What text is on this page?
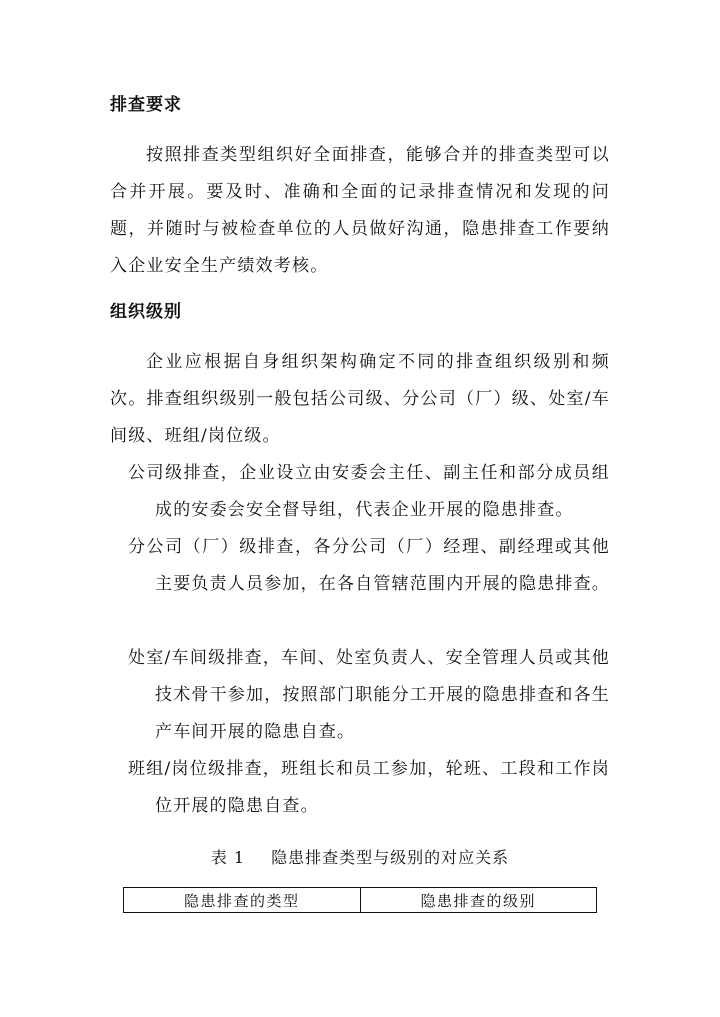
排查要求

按照排查类型组织好全面排查，能够合并的排查类型可以合并开展。要及时、准确和全面的记录排查情况和发现的问题，并随时与被检查单位的人员做好沟通，隐患排查工作要纳入企业安全生产绩效考核。

组织级别

企业应根据自身组织架构确定不同的排查组织级别和频次。排查组织级别一般包括公司级、分公司（厂）级、处室/车间级、班组/岗位级。

公司级排查，企业设立由安委会主任、副主任和部分成员组成的安委会安全督导组，代表企业开展的隐患排查。

分公司（厂）级排查，各分公司（厂）经理、副经理或其他主要负责人员参加，在各自管辖范围内开展的隐患排查。

处室/车间级排查，车间、处室负责人、安全管理人员或其他技术骨干参加，按照部门职能分工开展的隐患排查和各生产车间开展的隐患自查。

班组/岗位级排查，班组长和员工参加，轮班、工段和工作岗位开展的隐患自查。

表 1 隐患排查类型与级别的对应关系
隐患排查的类型	隐患排查的级别
